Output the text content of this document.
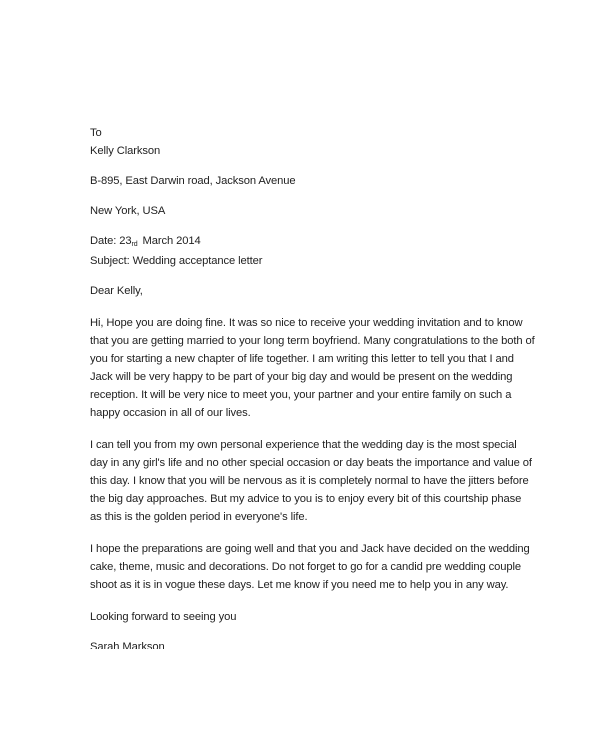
To

Kelly Clarkson

B-895, East Darwin road, Jackson Avenue

New York, USA

Date: 23rd March 2014

Subject: Wedding acceptance letter

Dear Kelly,

Hi, Hope you are doing fine. It was so nice to receive your wedding invitation and to know that you are getting married to your long term boyfriend. Many congratulations to the both of you for starting a new chapter of life together. I am writing this letter to tell you that I and Jack will be very happy to be part of your big day and would be present on the wedding reception. It will be very nice to meet you, your partner and your entire family on such a happy occasion in all of our lives.

I can tell you from my own personal experience that the wedding day is the most special day in any girl's life and no other special occasion or day beats the importance and value of this day. I know that you will be nervous as it is completely normal to have the jitters before the big day approaches. But my advice to you is to enjoy every bit of this courtship phase as this is the golden period in everyone's life.

I hope the preparations are going well and that you and Jack have decided on the wedding cake, theme, music and decorations. Do not forget to go for a candid pre wedding couple shoot as it is in vogue these days. Let me know if you need me to help you in any way.

Looking forward to seeing you

Sarah Markson
